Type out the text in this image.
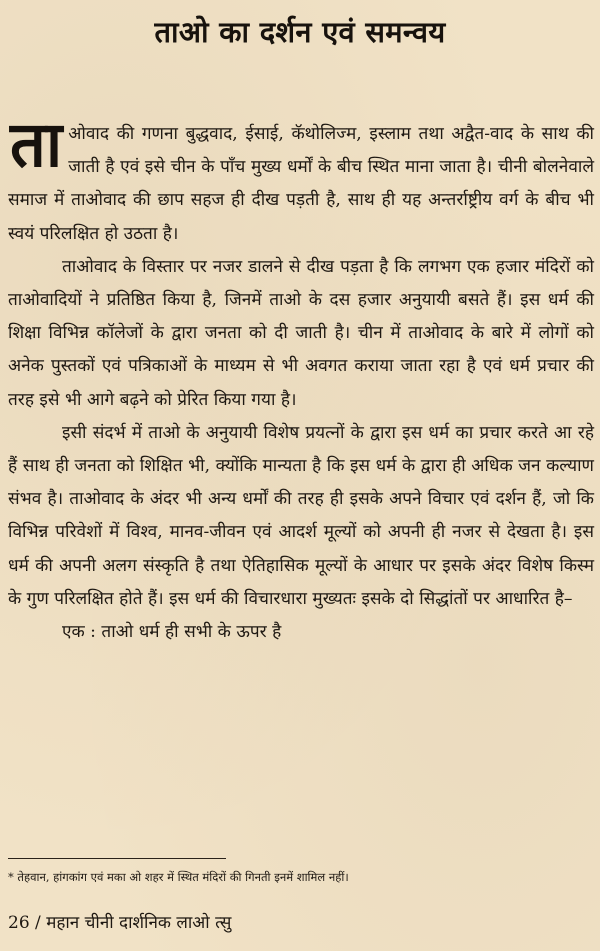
ताओ का दर्शन एवं समन्वय

ताओवाद की गणना बुद्धवाद, ईसाई, कॅथोलिज्म, इस्लाम तथा अद्वैत-वाद के साथ की जाती है एवं इसे चीन के पाँच मुख्य धर्मों के बीच स्थित माना जाता है। चीनी बोलनेवाले समाज में ताओवाद की छाप सहज ही दीख पड़ती है, साथ ही यह अन्तर्राष्ट्रीय वर्ग के बीच भी स्वयं परिलक्षित हो उठता है।

ताओवाद के विस्तार पर नजर डालने से दीख पड़ता है कि लगभग एक हजार मंदिरों को ताओवादियों ने प्रतिष्ठित किया है, जिनमें ताओ के दस हजार अनुयायी बसते हैं। इस धर्म की शिक्षा विभिन्न कॉलेजों के द्वारा जनता को दी जाती है। चीन में ताओवाद के बारे में लोगों को अनेक पुस्तकों एवं पत्रिकाओं के माध्यम से भी अवगत कराया जाता रहा है एवं धर्म प्रचार की तरह इसे भी आगे बढ़ने को प्रेरित किया गया है।

इसी संदर्भ में ताओ के अनुयायी विशेष प्रयत्नों के द्वारा इस धर्म का प्रचार करते आ रहे हैं साथ ही जनता को शिक्षित भी, क्योंकि मान्यता है कि इस धर्म के द्वारा ही अधिक जन कल्याण संभव है। ताओवाद के अंदर भी अन्य धर्मों की तरह ही इसके अपने विचार एवं दर्शन हैं, जो कि विभिन्न परिवेशों में विश्व, मानव-जीवन एवं आदर्श मूल्यों को अपनी ही नजर से देखता है। इस धर्म की अपनी अलग संस्कृति है तथा ऐतिहासिक मूल्यों के आधार पर इसके अंदर विशेष किस्म के गुण परिलक्षित होते हैं। इस धर्म की विचारधारा मुख्यतः इसके दो सिद्धांतों पर आधारित है–

एक : ताओ धर्म ही सभी के ऊपर है

* तेहवान, हांगकांग एवं मका ओ शहर में स्थित मंदिरों की गिनती इनमें शामिल नहीं।
26 / महान चीनी दार्शनिक लाओ त्सु
